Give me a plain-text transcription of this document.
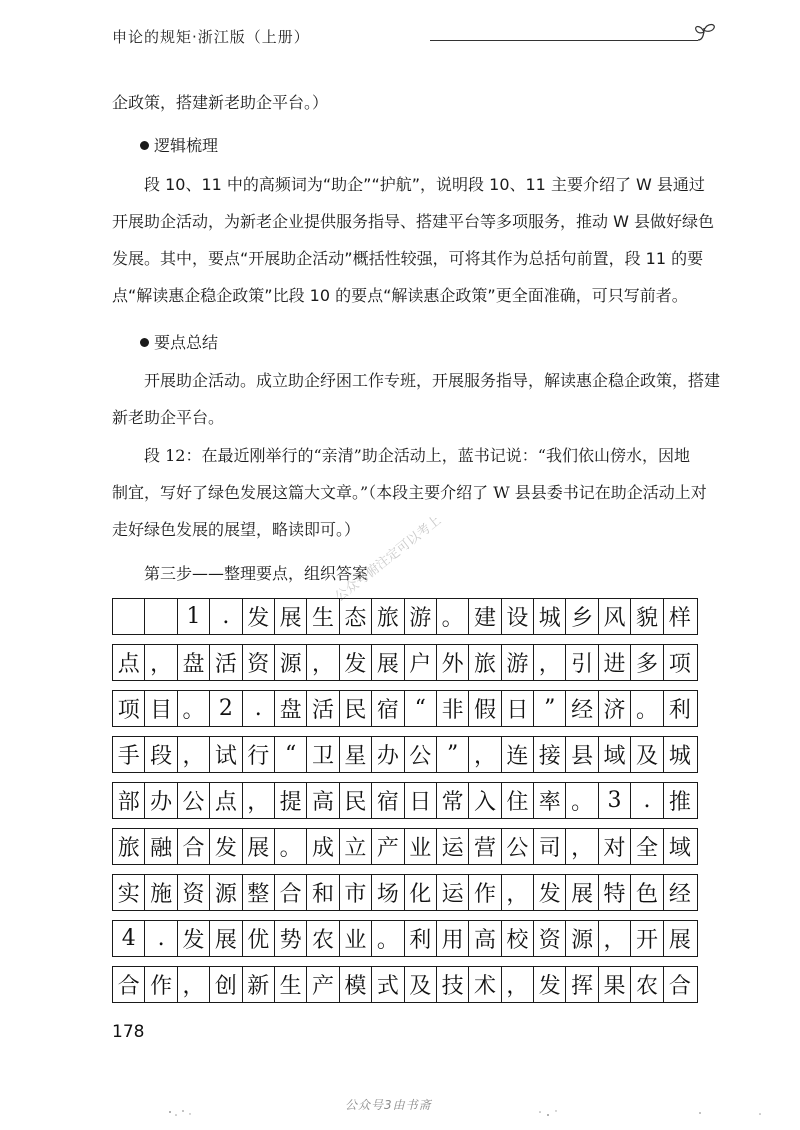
申论的规矩·浙江版（上册）

企政策，搭建新老助企平台。）

逻辑梳理

段 10、11 中的高频词为“助企”“护航”，说明段 10、11 主要介绍了 W 县通过

开展助企活动，为新老企业提供服务指导、搭建平台等多项服务，推动 W 县做好绿色

发展。其中，要点“开展助企活动”概括性较强，可将其作为总括句前置，段 11 的要

点“解读惠企稳企政策”比段 10 的要点“解读惠企政策”更全面准确，可只写前者。

要点总结

开展助企活动。成立助企纾困工作专班，开展服务指导，解读惠企稳企政策，搭建

新老助企平台。

段 12：在最近刚举行的“亲清”助企活动上，蓝书记说：“我们依山傍水，因地

制宜，写好了绿色发展这篇大文章。”（本段主要介绍了 W 县县委书记在助企活动上对

走好绿色发展的展望，略读即可。）

第三步——整理要点，组织答案

公众号俯注定可以考上
1 . 发 展 生 态 旅 游 。 建 设 城 乡 风 貌 样
点 ， 盘 活 资 源 ， 发 展 户 外 旅 游 ， 引 进 多 项
项 目 。 2 . 盘 活 民 宿 “ 非 假 日 ” 经 济 。 利
手 段 ， 试 行 “ 卫 星 办 公 ” ， 连 接 县 域 及 城
部 办 公 点 ， 提 高 民 宿 日 常 入 住 率 。 3 . 推
旅 融 合 发 展 。 成 立 产 业 运 营 公 司 ， 对 全 域
实 施 资 源 整 合 和 市 场 化 运 作 ， 发 展 特 色 经
4 . 发 展 优 势 农 业 。 利 用 高 校 资 源 ， 开 展
合 作 ， 创 新 生 产 模 式 及 技 术 ， 发 挥 果 农 合
178
公众号3由书斋
